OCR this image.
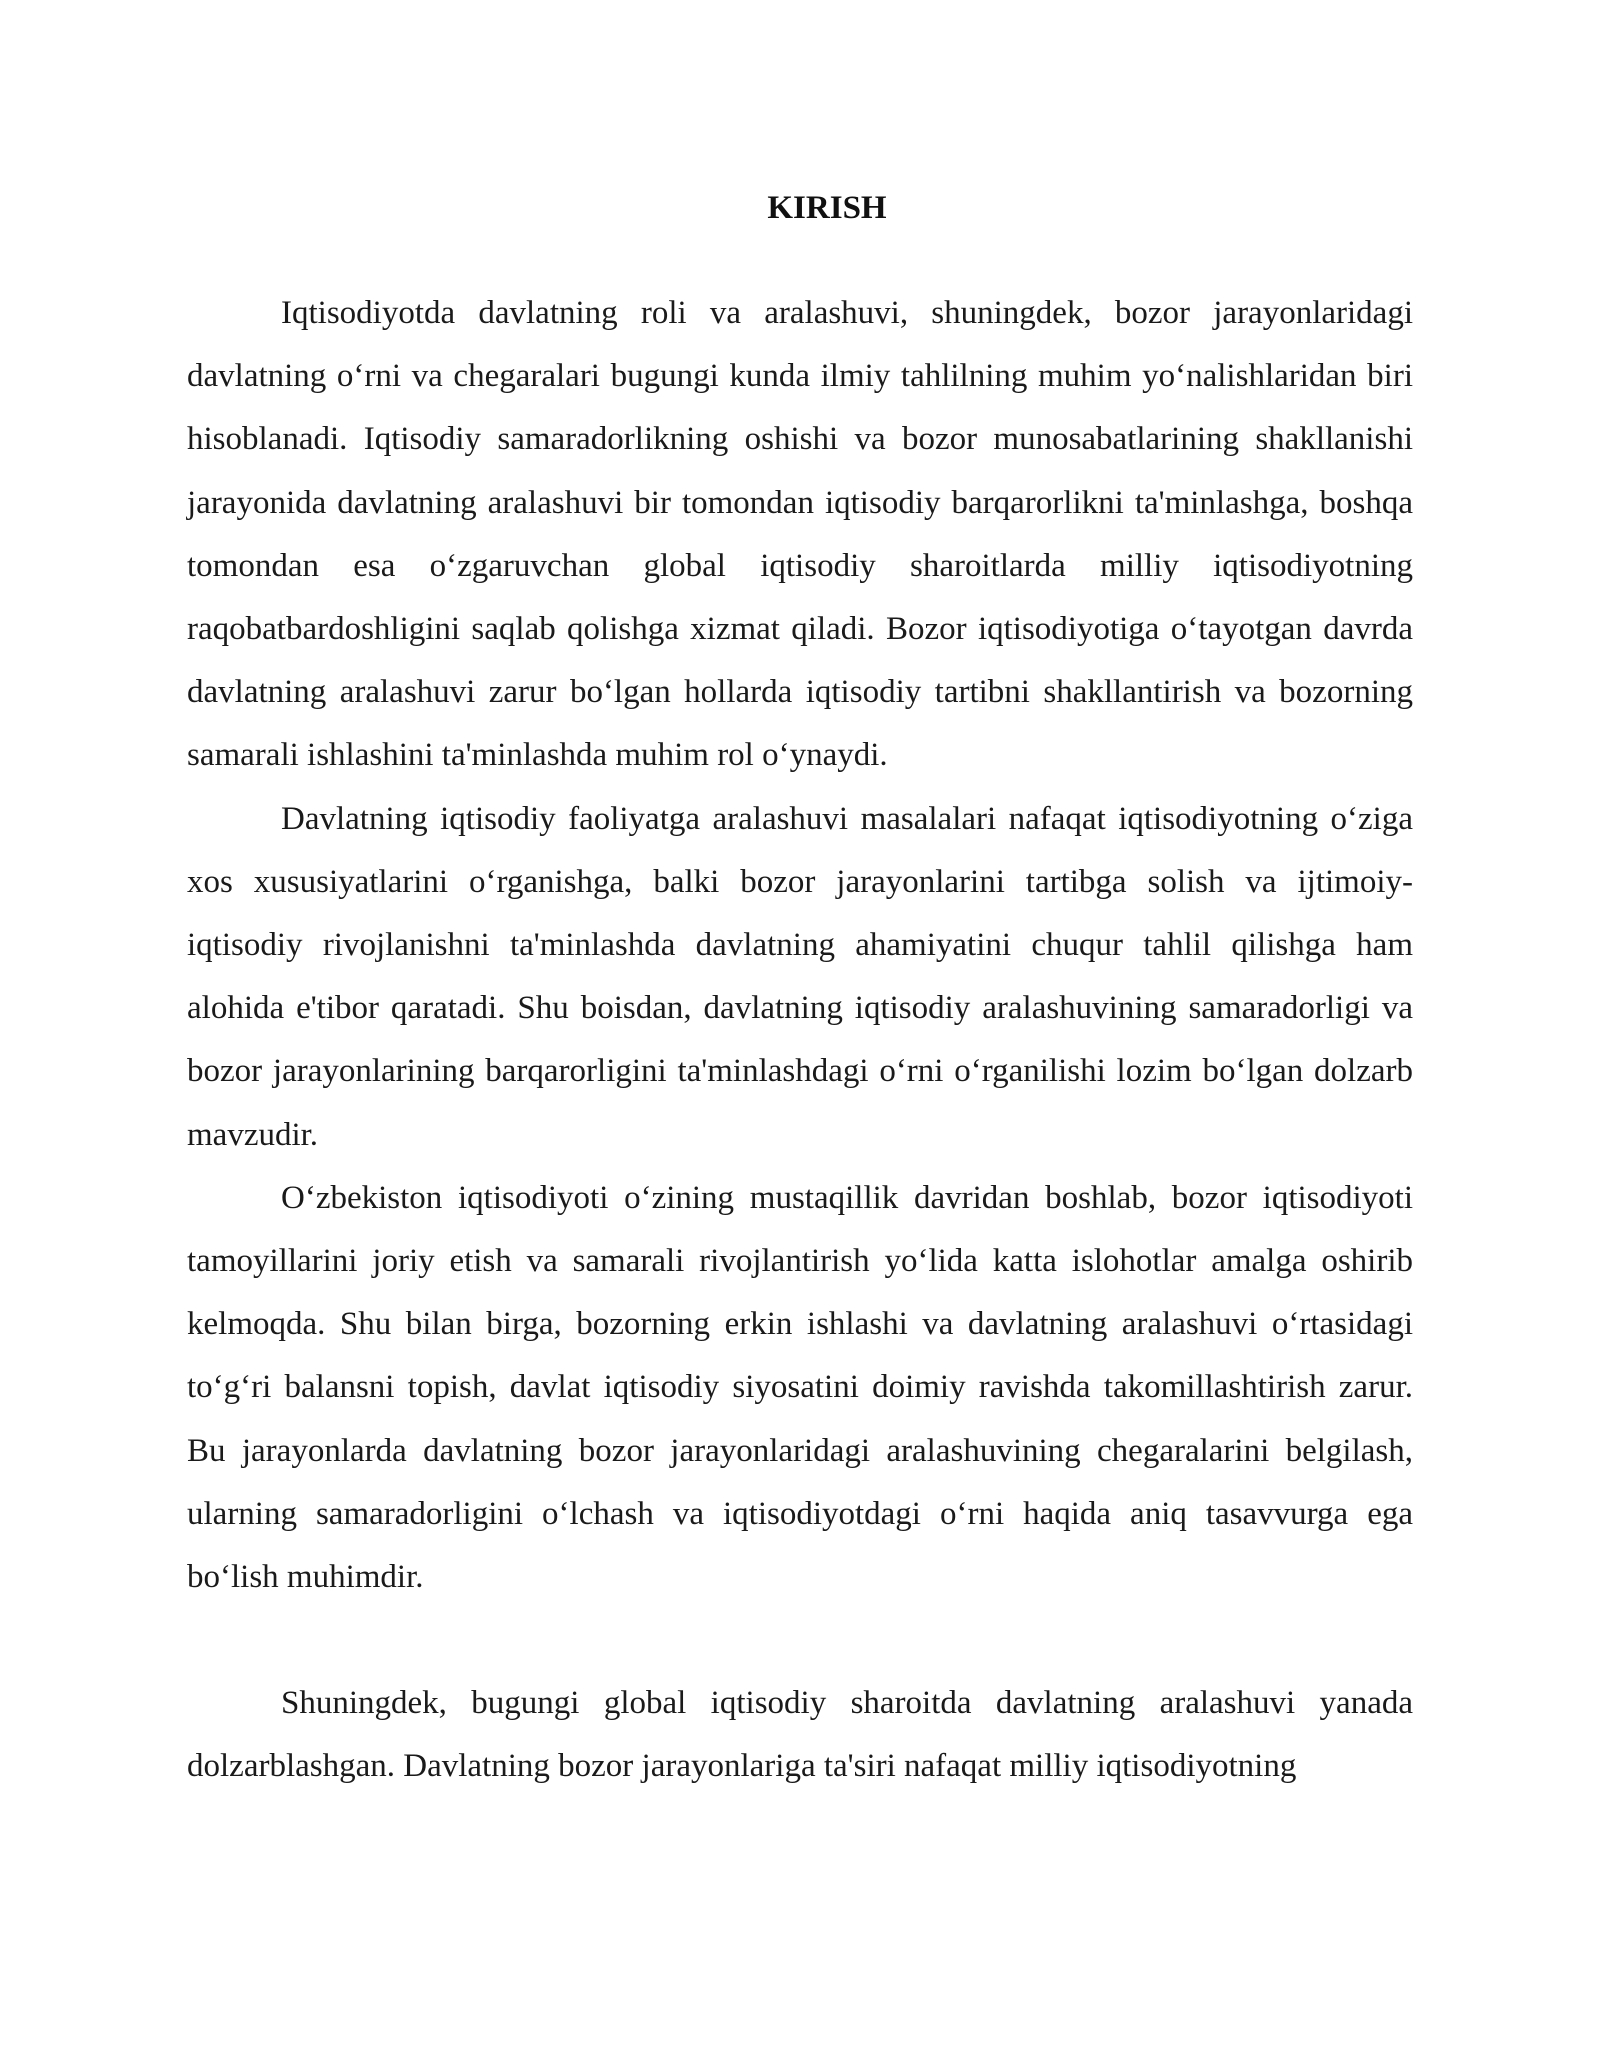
KIRISH

Iqtisodiyotda davlatning roli va aralashuvi, shuningdek, bozor jarayonlaridagi davlatning o‘rni va chegaralari bugungi kunda ilmiy tahlilning muhim yo‘nalishlaridan biri hisoblanadi. Iqtisodiy samaradorlikning oshishi va bozor munosabatlarining shakllanishi jarayonida davlatning aralashuvi bir tomondan iqtisodiy barqarorlikni ta'minlashga, boshqa tomondan esa o‘zgaruvchan global iqtisodiy sharoitlarda milliy iqtisodiyotning raqobatbardoshligini saqlab qolishga xizmat qiladi. Bozor iqtisodiyotiga o‘tayotgan davrda davlatning aralashuvi zarur bo‘lgan hollarda iqtisodiy tartibni shakllantirish va bozorning samarali ishlashini ta'minlashda muhim rol o‘ynaydi.

Davlatning iqtisodiy faoliyatga aralashuvi masalalari nafaqat iqtisodiyotning o‘ziga xos xususiyatlarini o‘rganishga, balki bozor jarayonlarini tartibga solish va ijtimoiy-iqtisodiy rivojlanishni ta'minlashda davlatning ahamiyatini chuqur tahlil qilishga ham alohida e'tibor qaratadi. Shu boisdan, davlatning iqtisodiy aralashuvining samaradorligi va bozor jarayonlarining barqarorligini ta'minlashdagi o‘rni o‘rganilishi lozim bo‘lgan dolzarb mavzudir.

O‘zbekiston iqtisodiyoti o‘zining mustaqillik davridan boshlab, bozor iqtisodiyoti tamoyillarini joriy etish va samarali rivojlantirish yo‘lida katta islohotlar amalga oshirib kelmoqda. Shu bilan birga, bozorning erkin ishlashi va davlatning aralashuvi o‘rtasidagi to‘g‘ri balansni topish, davlat iqtisodiy siyosatini doimiy ravishda takomillashtirish zarur. Bu jarayonlarda davlatning bozor jarayonlaridagi aralashuvining chegaralarini belgilash, ularning samaradorligini o‘lchash va iqtisodiyotdagi o‘rni haqida aniq tasavvurga ega bo‘lish muhimdir.

Shuningdek, bugungi global iqtisodiy sharoitda davlatning aralashuvi yanada dolzarblashgan. Davlatning bozor jarayonlariga ta'siri nafaqat milliy iqtisodiyotning
